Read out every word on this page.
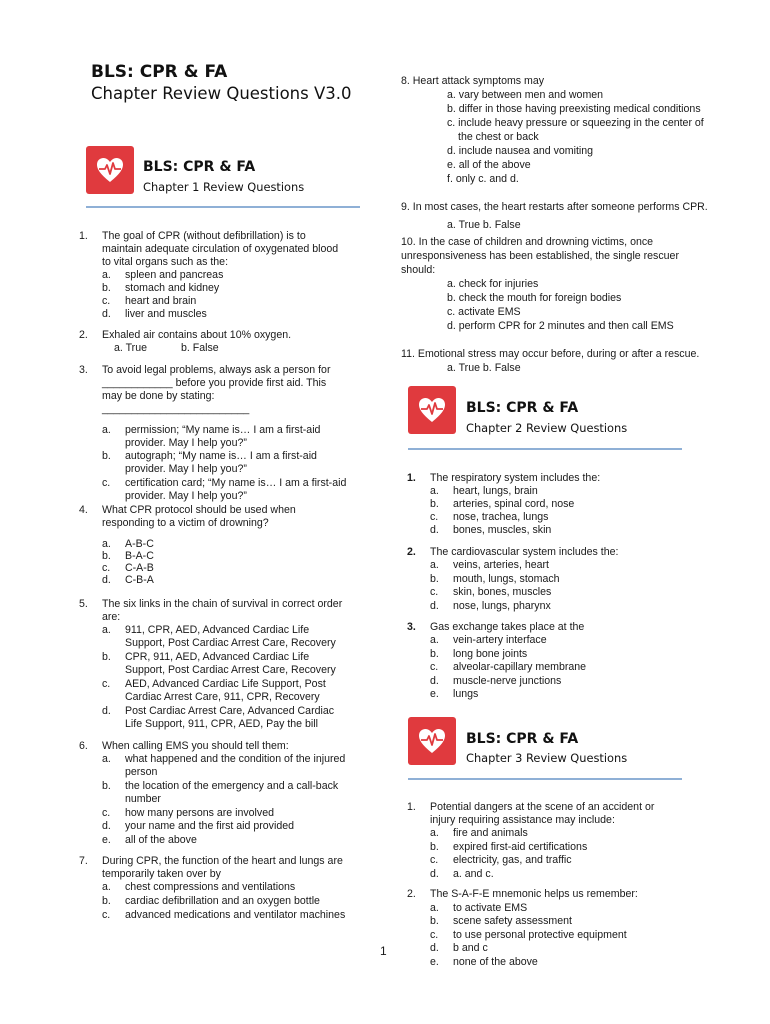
BLS: CPR & FA
Chapter Review Questions V3.0
BLS: CPR & FA
Chapter 1 Review Questions
1. The goal of CPR (without defibrillation) is to
maintain adequate circulation of oxygenated blood
to vital organs such as the:
a. spleen and pancreas
b. stomach and kidney
c. heart and brain
d. liver and muscles
2. Exhaled air contains about 10% oxygen.
a. True	b. False
3. To avoid legal problems, always ask a person for
____________ before you provide first aid. This
may be done by stating:
_________________________
a. permission; “My name is… I am a first-aid
provider. May I help you?”
b. autograph; “My name is… I am a first-aid
provider. May I help you?”
c. certification card; “My name is… I am a first-aid
provider. May I help you?”
4. What CPR protocol should be used when
responding to a victim of drowning?
a. A-B-C
b. B-A-C
c. C-A-B
d. C-B-A
5. The six links in the chain of survival in correct order
are:
a. 911, CPR, AED, Advanced Cardiac Life
Support, Post Cardiac Arrest Care, Recovery
b. CPR, 911, AED, Advanced Cardiac Life
Support, Post Cardiac Arrest Care, Recovery
c. AED, Advanced Cardiac Life Support, Post
Cardiac Arrest Care, 911, CPR, Recovery
d. Post Cardiac Arrest Care, Advanced Cardiac
Life Support, 911, CPR, AED, Pay the bill
6. When calling EMS you should tell them:
a. what happened and the condition of the injured
person
b. the location of the emergency and a call-back
number
c. how many persons are involved
d. your name and the first aid provided
e. all of the above
7. During CPR, the function of the heart and lungs are
temporarily taken over by
a. chest compressions and ventilations
b. cardiac defibrillation and an oxygen bottle
c. advanced medications and ventilator machines
8. Heart attack symptoms may
a. vary between men and women
b. differ in those having preexisting medical conditions
c. include heavy pressure or squeezing in the center of
the chest or back
d. include nausea and vomiting
e. all of the above
f. only c. and d.
9. In most cases, the heart restarts after someone performs CPR.
a. True b. False
10. In the case of children and drowning victims, once
unresponsiveness has been established, the single rescuer
should:
a. check for injuries
b. check the mouth for foreign bodies
c. activate EMS
d. perform CPR for 2 minutes and then call EMS
11. Emotional stress may occur before, during or after a rescue.
a. True b. False
BLS: CPR & FA
Chapter 2 Review Questions
1. The respiratory system includes the:
a. heart, lungs, brain
b. arteries, spinal cord, nose
c. nose, trachea, lungs
d. bones, muscles, skin
2. The cardiovascular system includes the:
a. veins, arteries, heart
b. mouth, lungs, stomach
c. skin, bones, muscles
d. nose, lungs, pharynx
3. Gas exchange takes place at the
a. vein-artery interface
b. long bone joints
c. alveolar-capillary membrane
d. muscle-nerve junctions
e. lungs
BLS: CPR & FA
Chapter 3 Review Questions
1. Potential dangers at the scene of an accident or
injury requiring assistance may include:
a. fire and animals
b. expired first-aid certifications
c. electricity, gas, and traffic
d. a. and c.
2. The S-A-F-E mnemonic helps us remember:
a. to activate EMS
b. scene safety assessment
c. to use personal protective equipment
d. b and c
e. none of the above
1
